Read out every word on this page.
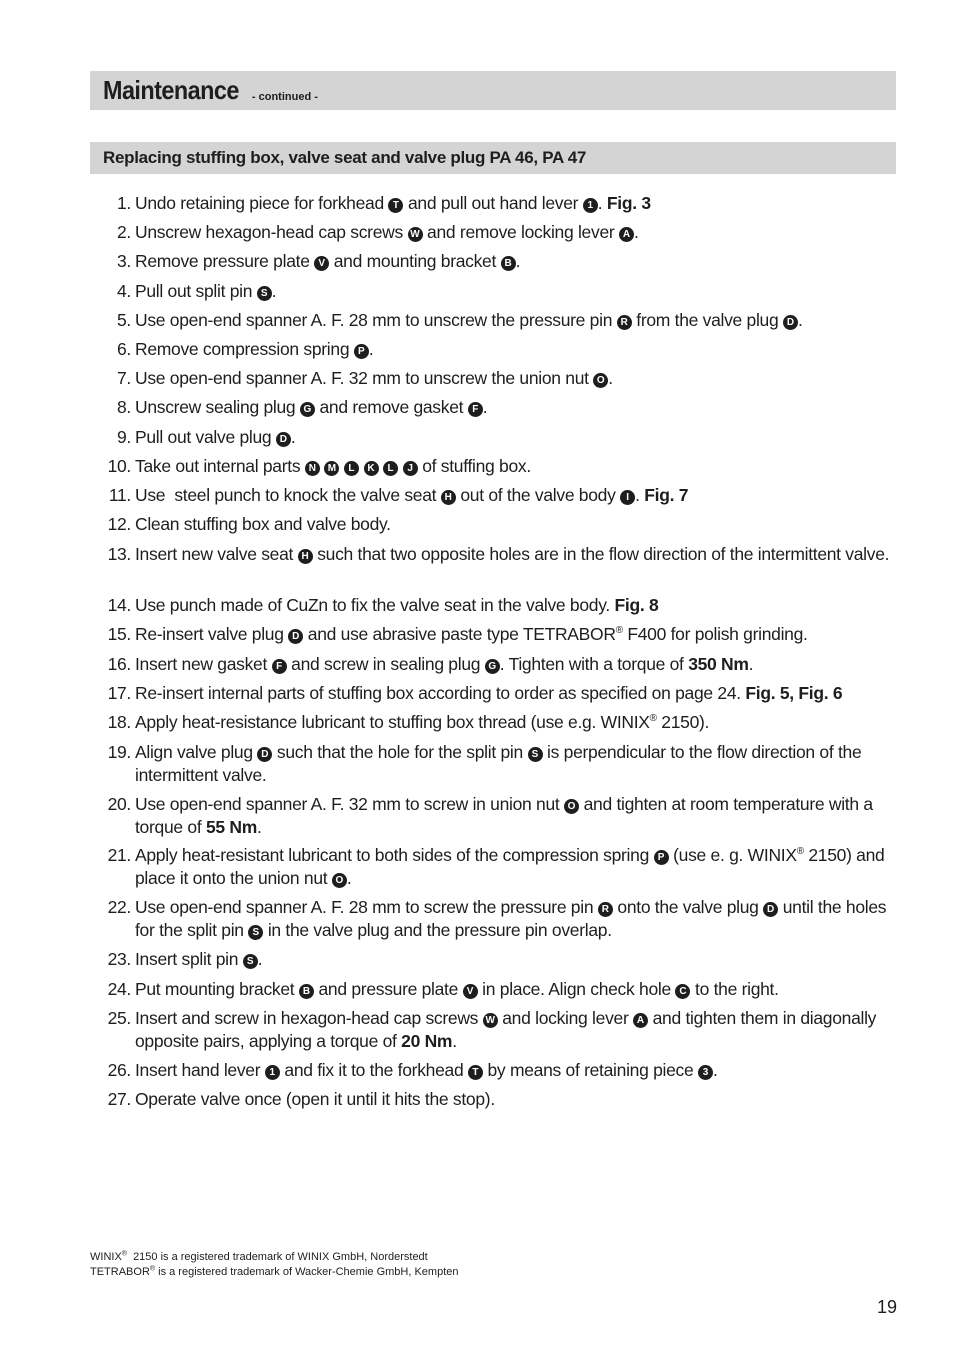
Maintenance - continued -
Replacing stuffing box, valve seat and valve plug PA 46, PA 47
1. Undo retaining piece for forkhead T and pull out hand lever 1 . Fig. 3
2. Unscrew hexagon-head cap screws W and remove locking lever A .
3. Remove pressure plate V and mounting bracket B .
4. Pull out split pin S .
5. Use open-end spanner A. F. 28 mm to unscrew the pressure pin R from the valve plug D .
6. Remove compression spring P .
7. Use open-end spanner A. F. 32 mm to unscrew the union nut O .
8. Unscrew sealing plug G and remove gasket F .
9. Pull out valve plug D .
10. Take out internal parts N M L K L J of stuffing box.
11. Use  steel punch to knock the valve seat H out of the valve body I . Fig. 7
12. Clean stuffing box and valve body.
13. Insert new valve seat H such that two opposite holes are in the flow direction of the intermittent valve.
14. Use punch made of CuZn to fix the valve seat in the valve body. Fig. 8
15. Re-insert valve plug D and use abrasive paste type TETRABOR® F400 for polish grinding.
16. Insert new gasket F and screw in sealing plug G . Tighten with a torque of 350 Nm.
17. Re-insert internal parts of stuffing box according to order as specified on page 24. Fig. 5, Fig. 6
18. Apply heat-resistance lubricant to stuffing box thread (use e.g. WINIX® 2150).
19. Align valve plug D such that the hole for the split pin S is perpendicular to the flow direction of the intermittent valve.
20. Use open-end spanner A. F. 32 mm to screw in union nut O and tighten at room temperature with a torque of 55 Nm.
21. Apply heat-resistant lubricant to both sides of the compression spring P (use e. g. WINIX® 2150) and place it onto the union nut O .
22. Use open-end spanner A. F. 28 mm to screw the pressure pin R onto the valve plug D until the holes for the split pin S in the valve plug and the pressure pin overlap.
23. Insert split pin S .
24. Put mounting bracket B and pressure plate V in place. Align check hole C to the right.
25. Insert and screw in hexagon-head cap screws W and locking lever A and tighten them in diagonally opposite pairs, applying a torque of 20 Nm.
26. Insert hand lever 1 and fix it to the forkhead T by means of retaining piece 3 .
27. Operate valve once (open it until it hits the stop).
WINIX®  2150 is a registered trademark of WINIX GmbH, Norderstedt
TETRABOR® is a registered trademark of Wacker-Chemie GmbH, Kempten
19
